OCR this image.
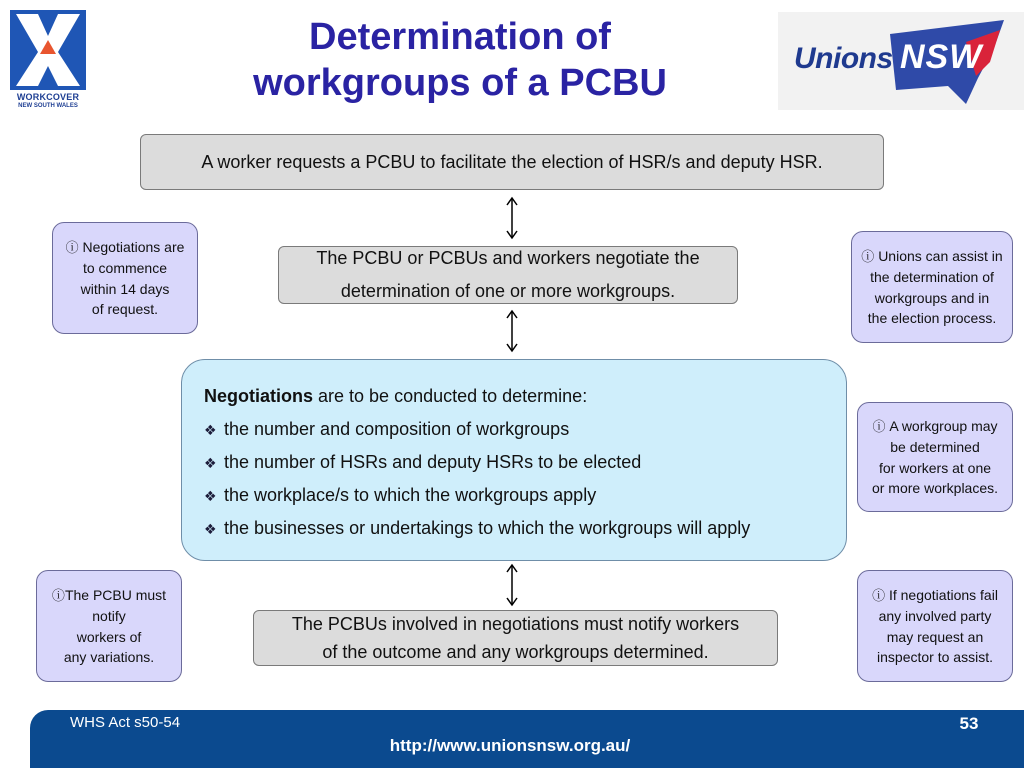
WORKCOVER
NEW SOUTH WALES
Determination of
workgroups of a PCBU
Unions NSW
A worker requests a PCBU to facilitate the election of HSR/s and deputy HSR.
The PCBU or PCBUs and workers negotiate the
determination of one or more workgroups.
Negotiations are to be conducted to determine:
❖ the number and composition of workgroups
❖ the number of HSRs and deputy HSRs to be elected
❖ the workplace/s to which the workgroups apply
❖ the businesses or undertakings to which the workgroups will apply
The PCBUs involved in negotiations must notify workers
of the outcome and any workgroups determined.
ⓘ Negotiations are
to commence
within 14 days
of request.
ⓘ Unions can assist in
the determination of
workgroups and in
the election process.
ⓘ A workgroup may
be determined
for workers at one
or more workplaces.
ⓘThe PCBU must
notify
workers of
any variations.
ⓘ If negotiations fail
any involved party
may request an
inspector to assist.
WHS Act s50-54	53
http://www.unionsnsw.org.au/
